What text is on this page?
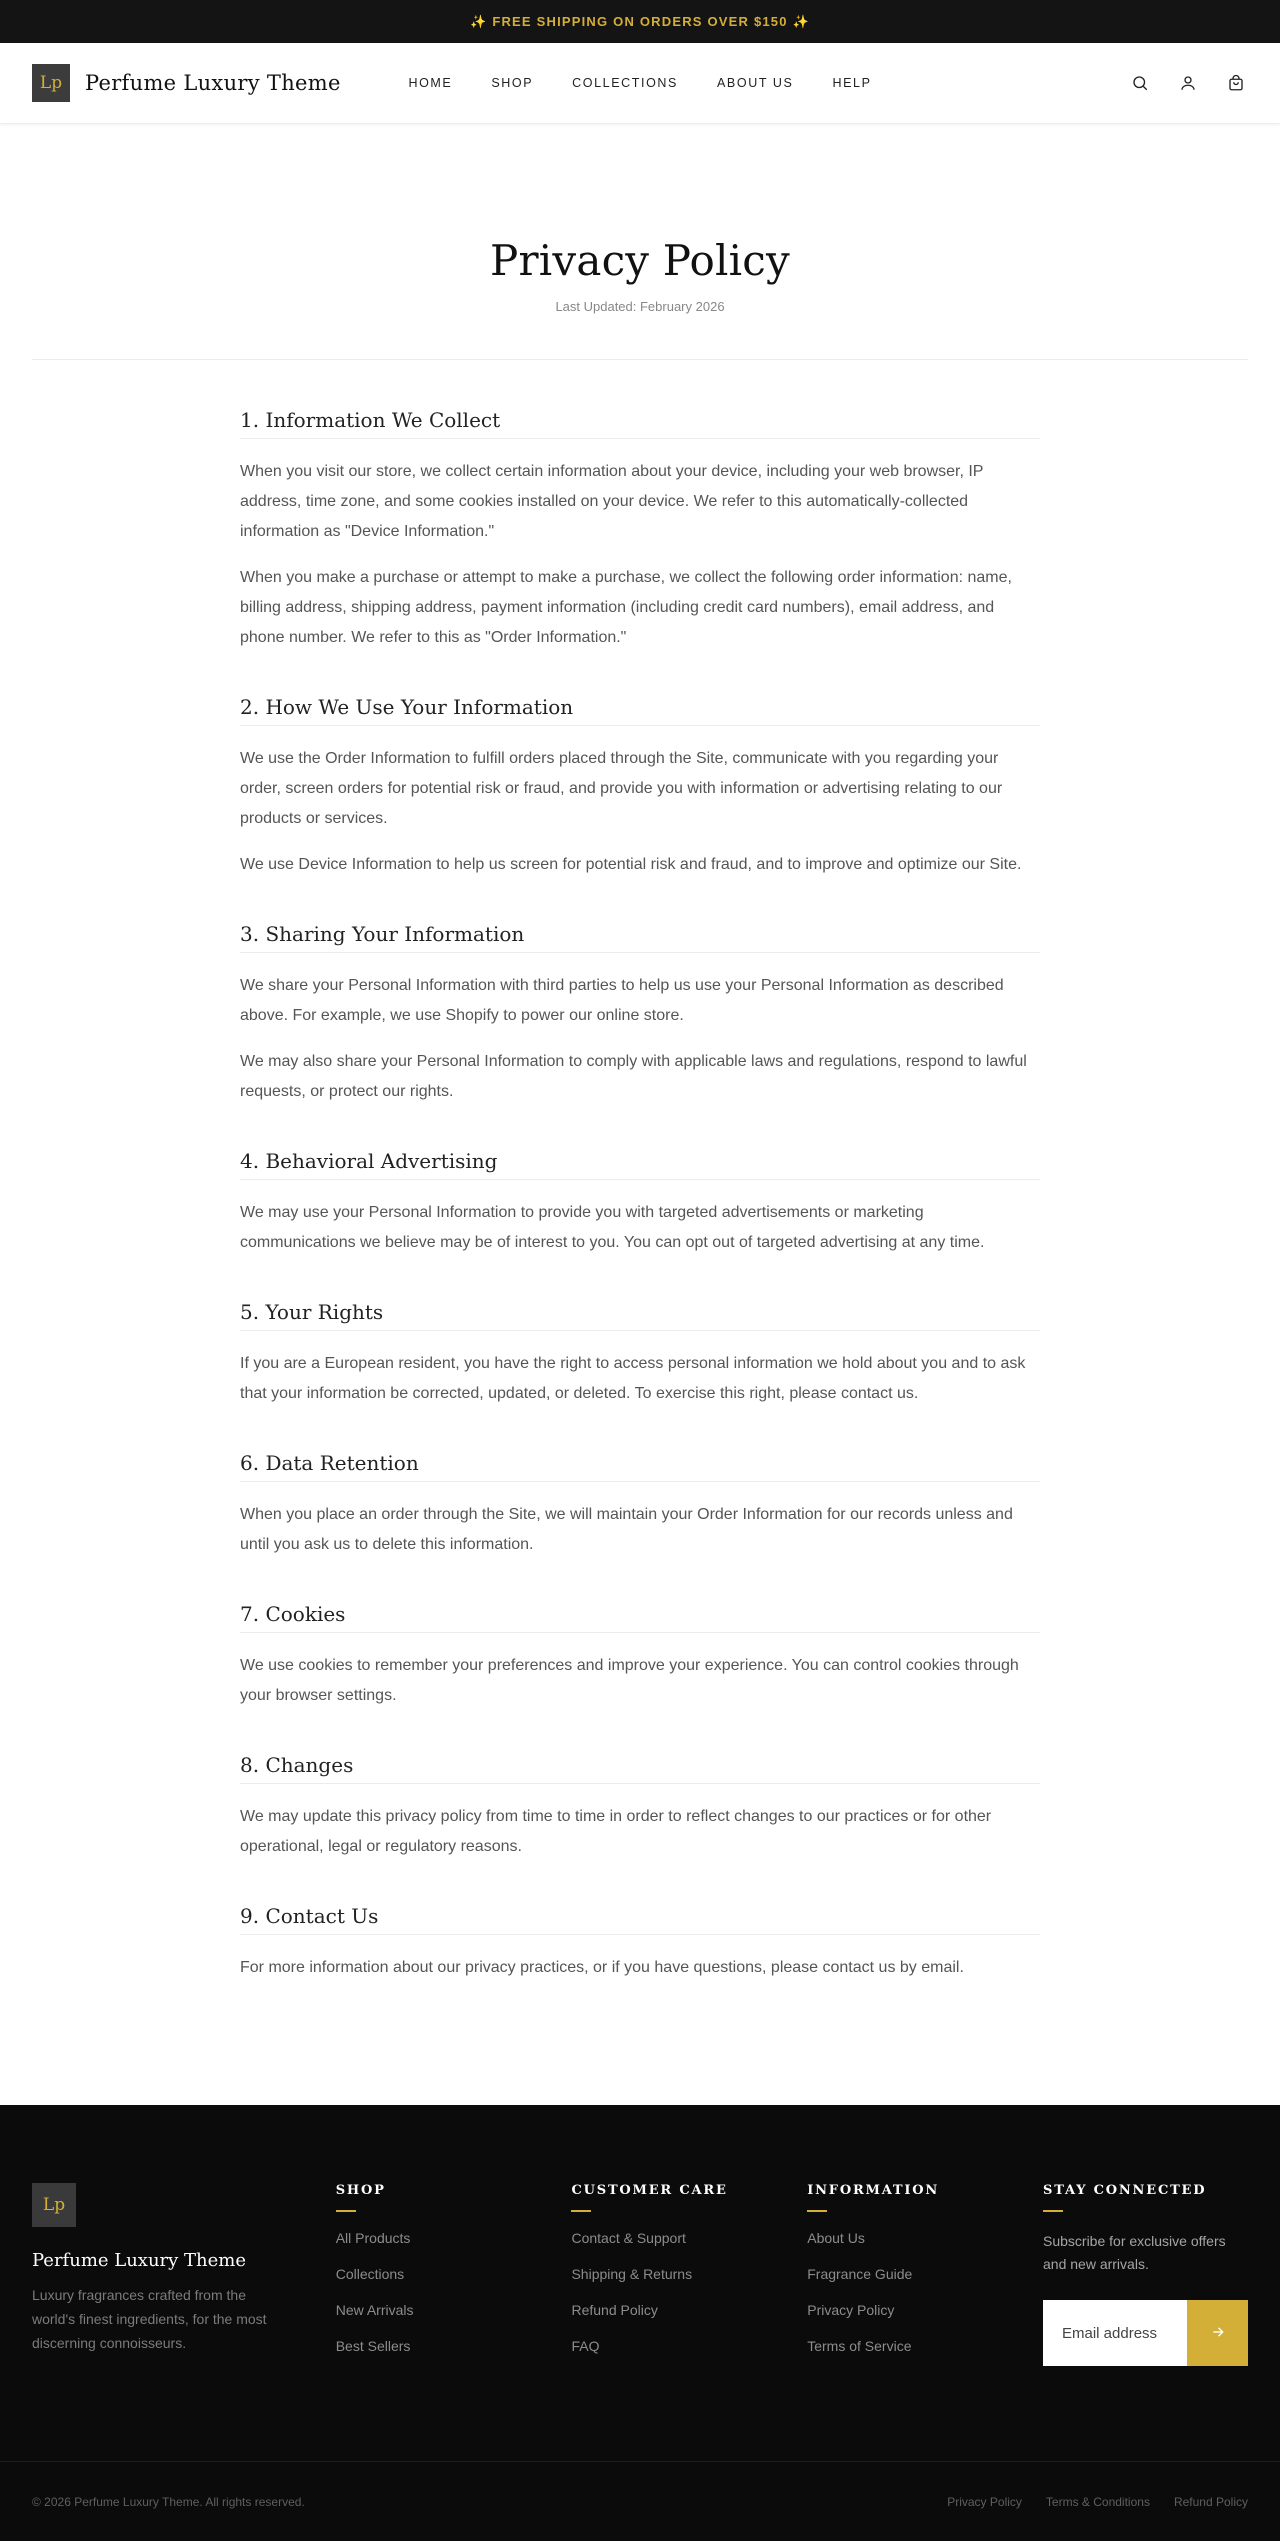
✨ FREE SHIPPING ON ORDERS OVER $150 ✨
Lp Perfume Luxury Theme	HOME	SHOP	COLLECTIONS	ABOUT US	HELP
Privacy Policy
Last Updated: February 2026
1. Information We Collect

When you visit our store, we collect certain information about your device, including your web browser, IP address, time zone, and some cookies installed on your device. We refer to this automatically-collected information as "Device Information."

When you make a purchase or attempt to make a purchase, we collect the following order information: name, billing address, shipping address, payment information (including credit card numbers), email address, and phone number. We refer to this as "Order Information."

2. How We Use Your Information

We use the Order Information to fulfill orders placed through the Site, communicate with you regarding your order, screen orders for potential risk or fraud, and provide you with information or advertising relating to our products or services.

We use Device Information to help us screen for potential risk and fraud, and to improve and optimize our Site.

3. Sharing Your Information

We share your Personal Information with third parties to help us use your Personal Information as described above. For example, we use Shopify to power our online store.

We may also share your Personal Information to comply with applicable laws and regulations, respond to lawful requests, or protect our rights.

4. Behavioral Advertising

We may use your Personal Information to provide you with targeted advertisements or marketing communications we believe may be of interest to you. You can opt out of targeted advertising at any time.

5. Your Rights

If you are a European resident, you have the right to access personal information we hold about you and to ask that your information be corrected, updated, or deleted. To exercise this right, please contact us.

6. Data Retention

When you place an order through the Site, we will maintain your Order Information for our records unless and until you ask us to delete this information.

7. Cookies

We use cookies to remember your preferences and improve your experience. You can control cookies through your browser settings.

8. Changes

We may update this privacy policy from time to time in order to reflect changes to our practices or for other operational, legal or regulatory reasons.

9. Contact Us

For more information about our privacy practices, or if you have questions, please contact us by email.

Lp
Perfume Luxury Theme
Luxury fragrances crafted from the world's finest ingredients, for the most discerning connoisseurs.
SHOP
All Products
Collections
New Arrivals
Best Sellers
CUSTOMER CARE
Contact & Support
Shipping & Returns
Refund Policy
FAQ
INFORMATION
About Us
Fragrance Guide
Privacy Policy
Terms of Service
STAY CONNECTED

Subscribe for exclusive offers and new arrivals.

Email address
© 2026 Perfume Luxury Theme. All rights reserved.	Privacy Policy Terms & Conditions Refund Policy
